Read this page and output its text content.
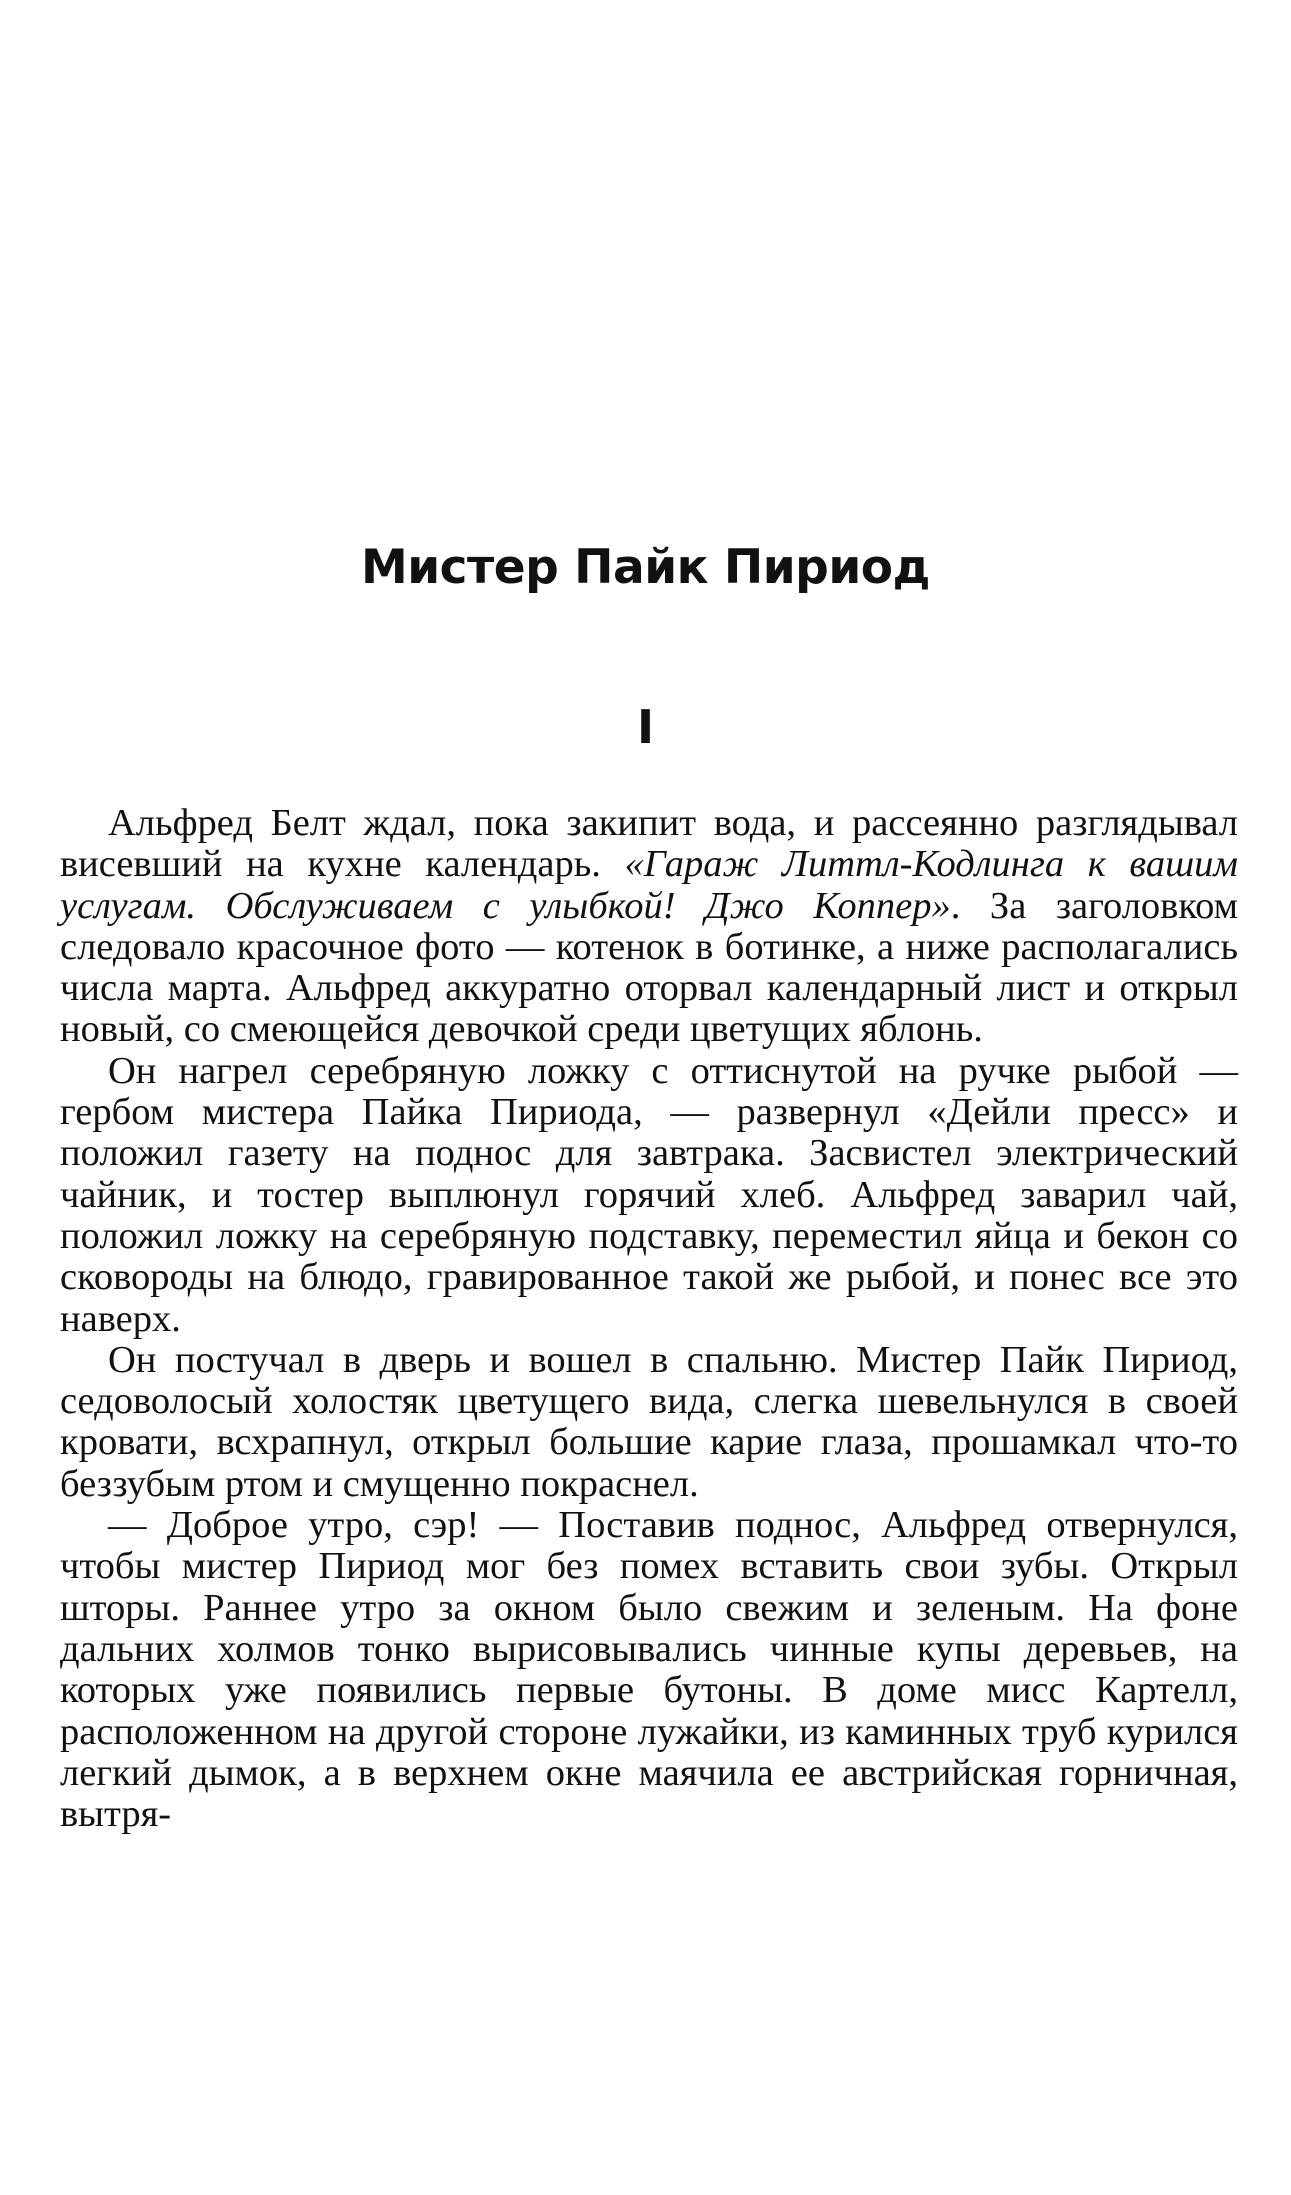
Мистер Пайк Пириод
I

Альфред Белт ждал, пока закипит вода, и рассеянно разглядывал висевший на кухне календарь. «Гараж Литтл-Кодлинга к вашим услугам. Обслуживаем с улыбкой! Джо Коппер». За заголовком следовало красочное фото — котенок в ботинке, а ниже располагались числа марта. Альфред аккуратно оторвал календарный лист и открыл новый, со смеющейся девочкой среди цветущих яблонь.

Он нагрел серебряную ложку с оттиснутой на ручке рыбой — гербом мистера Пайка Пириода, — развернул «Дейли пресс» и положил газету на поднос для завтрака. Засвистел электрический чайник, и тостер выплюнул горячий хлеб. Альфред заварил чай, положил ложку на серебряную подставку, переместил яйца и бекон со сковороды на блюдо, гравированное такой же рыбой, и понес все это наверх.

Он постучал в дверь и вошел в спальню. Мистер Пайк Пириод, седоволосый холостяк цветущего вида, слегка шевельнулся в своей кровати, всхрапнул, открыл большие карие глаза, прошамкал что-то беззубым ртом и смущенно покраснел.

— Доброе утро, сэр! — Поставив поднос, Альфред отвернулся, чтобы мистер Пириод мог без помех вставить свои зубы. Открыл шторы. Раннее утро за окном было свежим и зеленым. На фоне дальних холмов тонко вырисовывались чинные купы деревьев, на которых уже появились первые бутоны. В доме мисс Картелл, расположенном на другой стороне лужайки, из каминных труб курился легкий дымок, а в верхнем окне маячила ее австрийская горничная, вытря-
